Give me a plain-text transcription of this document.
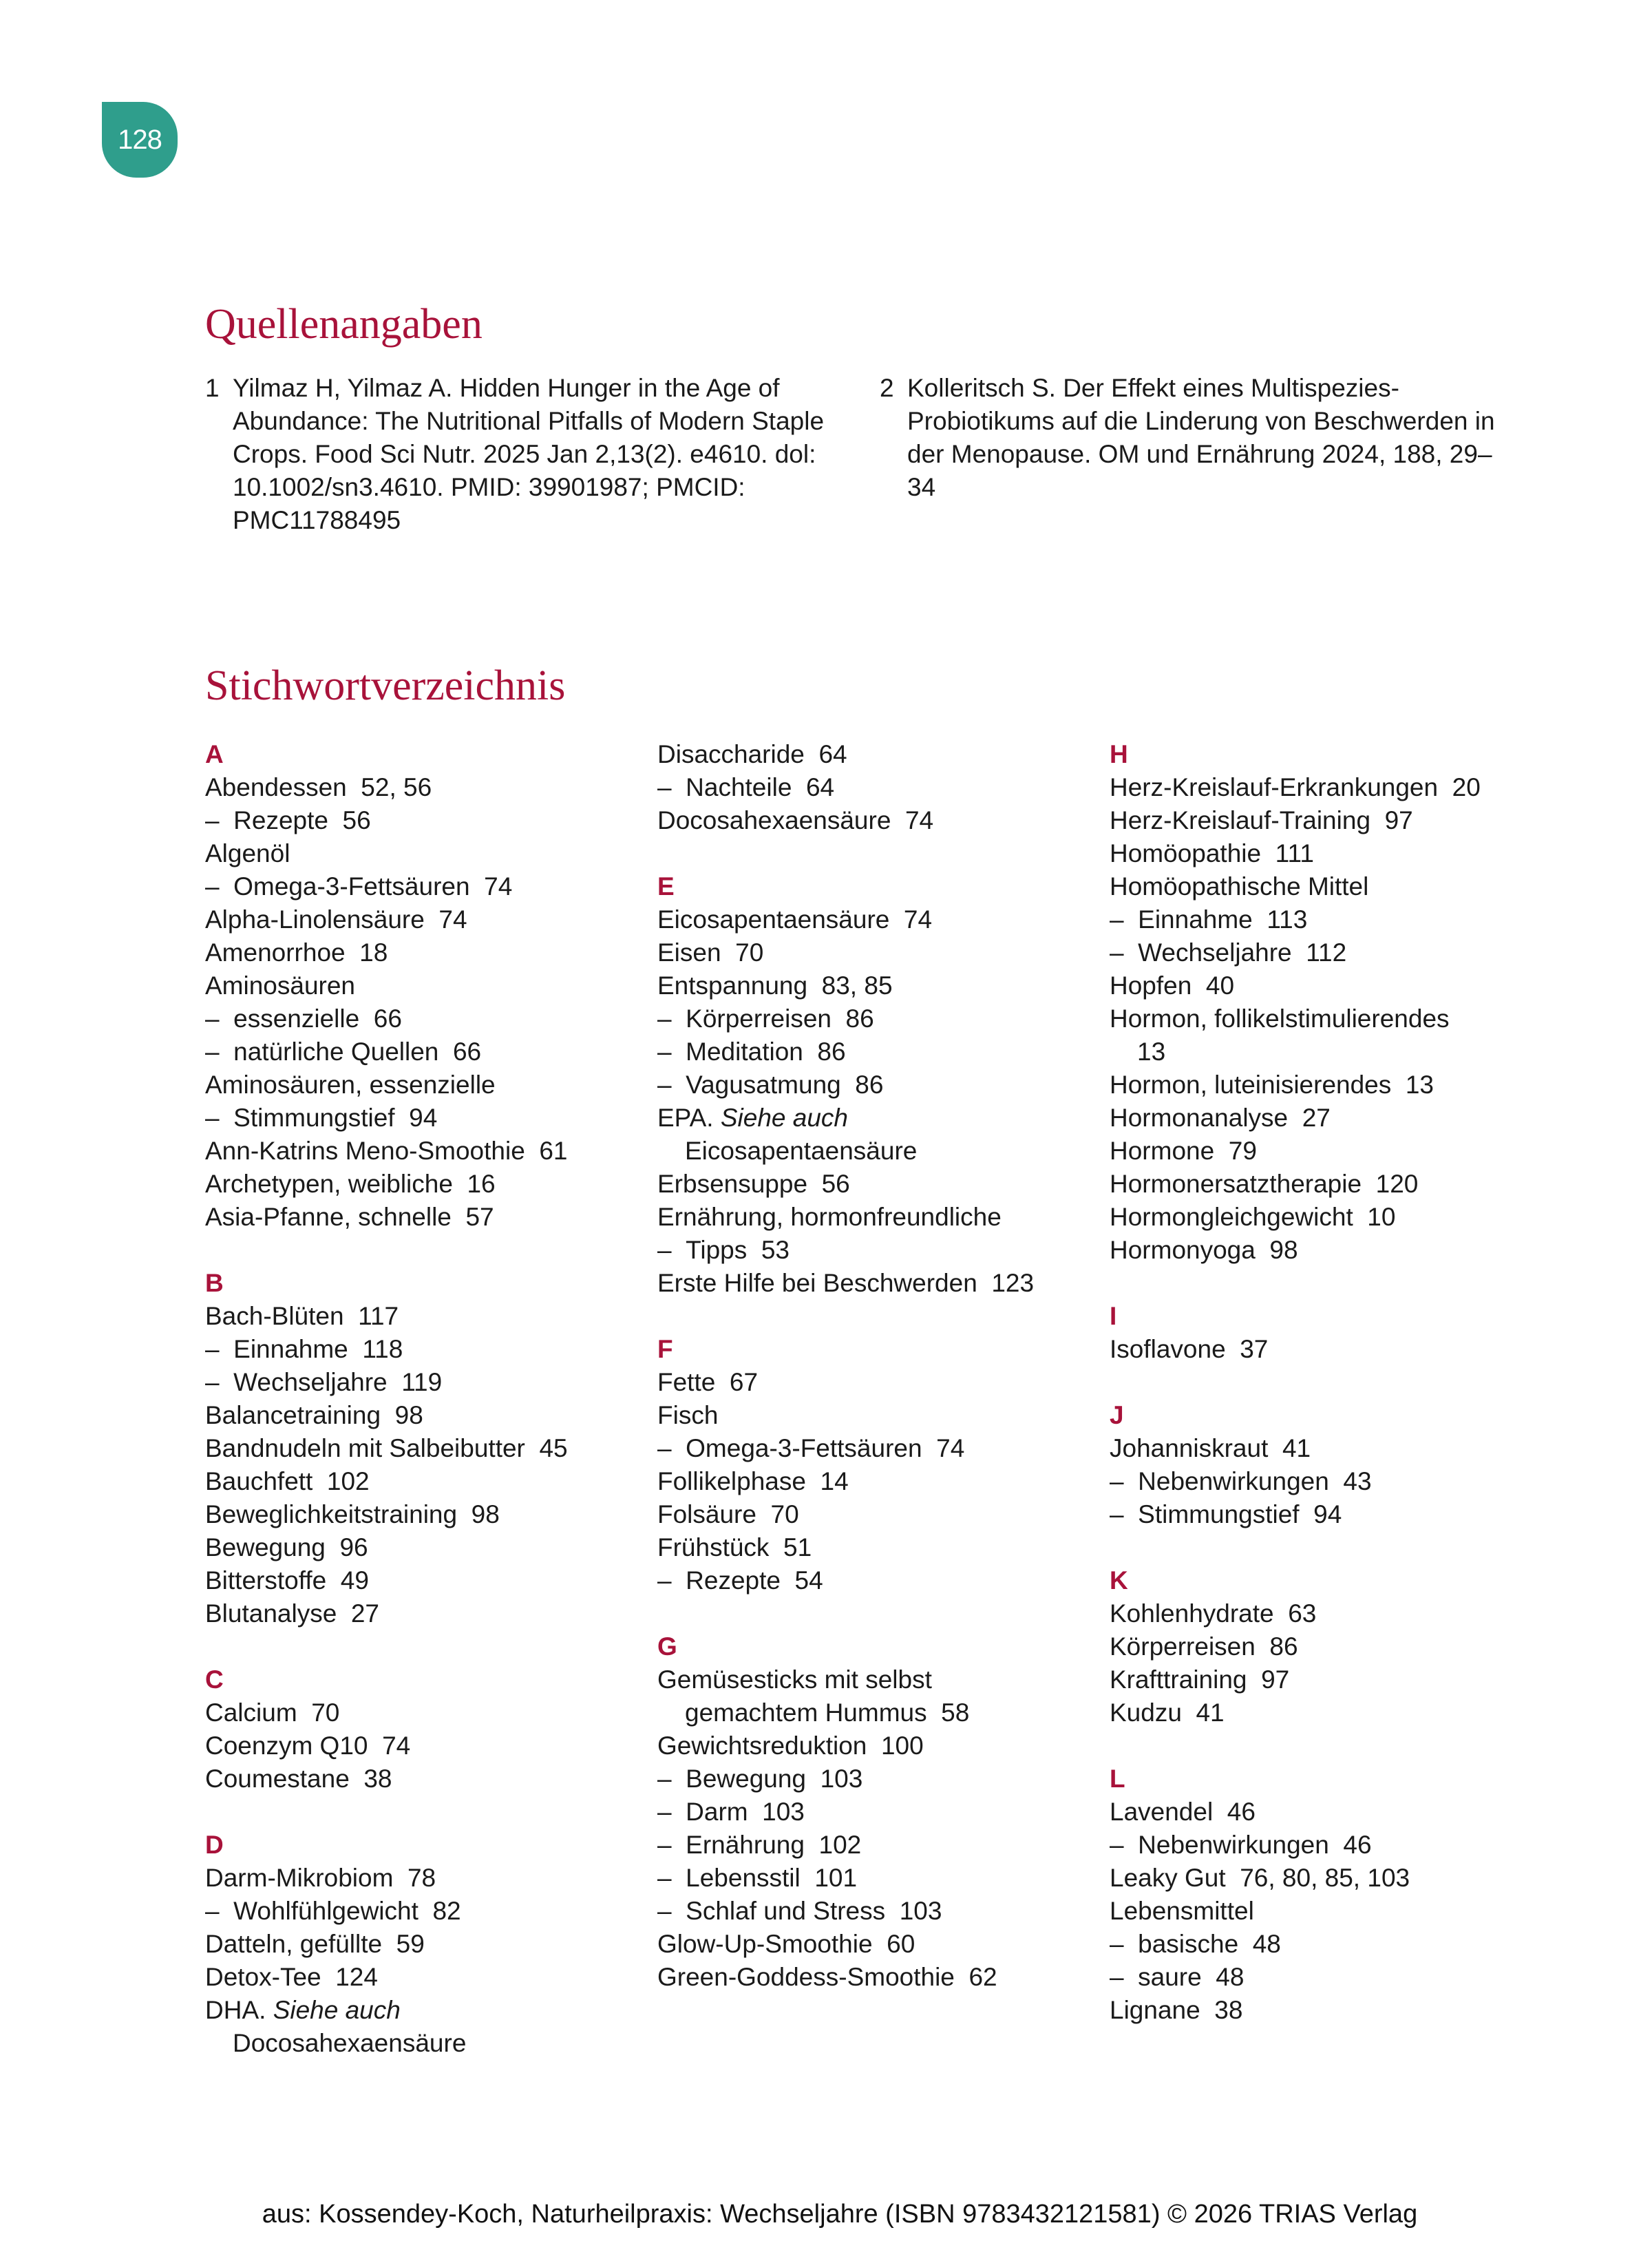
128
Quellenangaben
1 Yilmaz H, Yilmaz A. Hidden Hunger in the Age of Abundance: The Nutritional Pitfalls of Modern Staple Crops. Food Sci Nutr. 2025 Jan 2,13(2). e4610. dol: 10.1002/sn3.4610. PMID: 39901987; PMCID: PMC11788495
2 Kolleritsch S. Der Effekt eines Multispezies-Probiotikums auf die Linderung von Beschwerden in der Menopause. OM und Ernährung 2024, 188, 29–34
Stichwortverzeichnis
A
Abendessen 52, 56
–  Rezepte 56
Algenöl
–  Omega-3-Fettsäuren 74
Alpha-Linolensäure 74
Amenorrhoe 18
Aminosäuren
–  essenzielle 66
–  natürliche Quellen 66
Aminosäuren, essenzielle
–  Stimmungstief 94
Ann-Katrins Meno-Smoothie 61
Archetypen, weibliche 16
Asia-Pfanne, schnelle 57
B
Bach-Blüten 117
–  Einnahme 118
–  Wechseljahre 119
Balancetraining 98
Bandnudeln mit Salbeibutter 45
Bauchfett 102
Beweglichkeitstraining 98
Bewegung 96
Bitterstoffe 49
Blutanalyse 27
C
Calcium 70
Coenzym Q10 74
Coumestane 38
D
Darm-Mikrobiom 78
–  Wohlfühlgewicht 82
Datteln, gefüllte 59
Detox-Tee 124
DHA. Siehe auch
Docosahexaensäure
Disaccharide 64
–  Nachteile 64
Docosahexaensäure 74
E
Eicosapentaensäure 74
Eisen 70
Entspannung 83, 85
–  Körperreisen 86
–  Meditation 86
–  Vagusatmung 86
EPA. Siehe auch
Eicosapentaensäure
Erbsensuppe 56
Ernährung, hormonfreundliche
–  Tipps 53
Erste Hilfe bei Beschwerden 123
F
Fette 67
Fisch
–  Omega-3-Fettsäuren 74
Follikelphase 14
Folsäure 70
Frühstück 51
–  Rezepte 54
G
Gemüsesticks mit selbst
gemachtem Hummus 58
Gewichtsreduktion 100
–  Bewegung 103
–  Darm 103
–  Ernährung 102
–  Lebensstil 101
–  Schlaf und Stress 103
Glow-Up-Smoothie 60
Green-Goddess-Smoothie 62
H
Herz-Kreislauf-Erkrankungen 20
Herz-Kreislauf-Training 97
Homöopathie 111
Homöopathische Mittel
–  Einnahme 113
–  Wechseljahre 112
Hopfen 40
Hormon, follikelstimulierendes
13
Hormon, luteinisierendes 13
Hormonanalyse 27
Hormone 79
Hormonersatztherapie 120
Hormongleichgewicht 10
Hormonyoga 98
I
Isoflavone 37
J
Johanniskraut 41
–  Nebenwirkungen 43
–  Stimmungstief 94
K
Kohlenhydrate 63
Körperreisen 86
Krafttraining 97
Kudzu 41
L
Lavendel 46
–  Nebenwirkungen 46
Leaky Gut 76, 80, 85, 103
Lebensmittel
–  basische 48
–  saure 48
Lignane 38
aus: Kossendey-Koch, Naturheilpraxis: Wechseljahre (ISBN 9783432121581) © 2026 TRIAS Verlag
